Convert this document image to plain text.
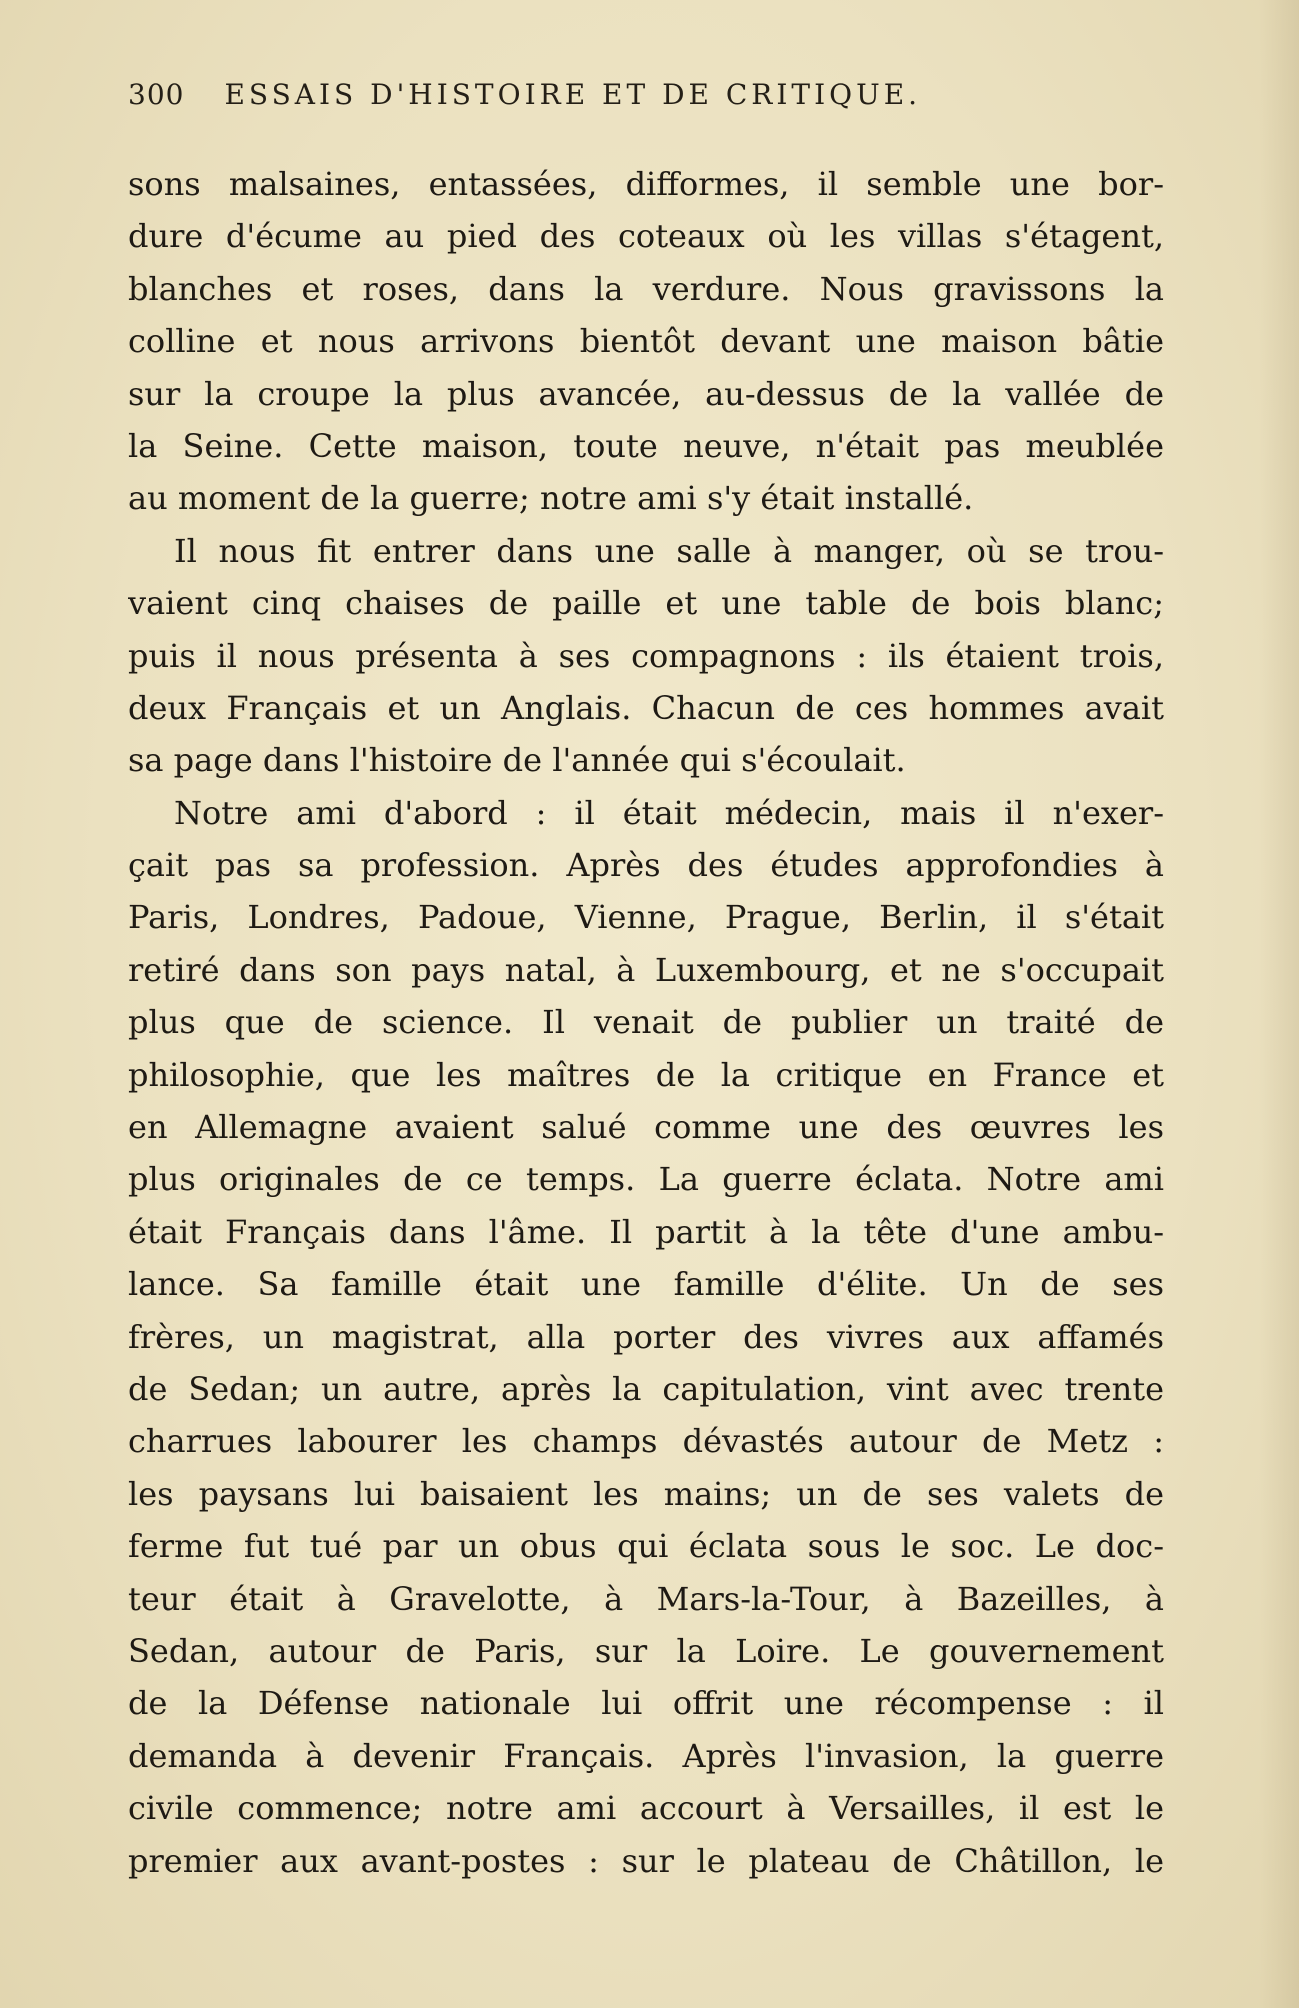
300 ESSAIS D'HISTOIRE ET DE CRITIQUE.
sons malsaines, entassées, difformes, il semble une bor-
dure d'écume au pied des coteaux où les villas s'étagent,
blanches et roses, dans la verdure. Nous gravissons la
colline et nous arrivons bientôt devant une maison bâtie
sur la croupe la plus avancée, au-dessus de la vallée de
la Seine. Cette maison, toute neuve, n'était pas meublée
au moment de la guerre; notre ami s'y était installé.
Il nous fit entrer dans une salle à manger, où se trou-
vaient cinq chaises de paille et une table de bois blanc;
puis il nous présenta à ses compagnons : ils étaient trois,
deux Français et un Anglais. Chacun de ces hommes avait
sa page dans l'histoire de l'année qui s'écoulait.
Notre ami d'abord : il était médecin, mais il n'exer-
çait pas sa profession. Après des études approfondies à
Paris, Londres, Padoue, Vienne, Prague, Berlin, il s'était
retiré dans son pays natal, à Luxembourg, et ne s'occupait
plus que de science. Il venait de publier un traité de
philosophie, que les maîtres de la critique en France et
en Allemagne avaient salué comme une des œuvres les
plus originales de ce temps. La guerre éclata. Notre ami
était Français dans l'âme. Il partit à la tête d'une ambu-
lance. Sa famille était une famille d'élite. Un de ses
frères, un magistrat, alla porter des vivres aux affamés
de Sedan; un autre, après la capitulation, vint avec trente
charrues labourer les champs dévastés autour de Metz :
les paysans lui baisaient les mains; un de ses valets de
ferme fut tué par un obus qui éclata sous le soc. Le doc-
teur était à Gravelotte, à Mars-la-Tour, à Bazeilles, à
Sedan, autour de Paris, sur la Loire. Le gouvernement
de la Défense nationale lui offrit une récompense : il
demanda à devenir Français. Après l'invasion, la guerre
civile commence; notre ami accourt à Versailles, il est le
premier aux avant-postes : sur le plateau de Châtillon, le
